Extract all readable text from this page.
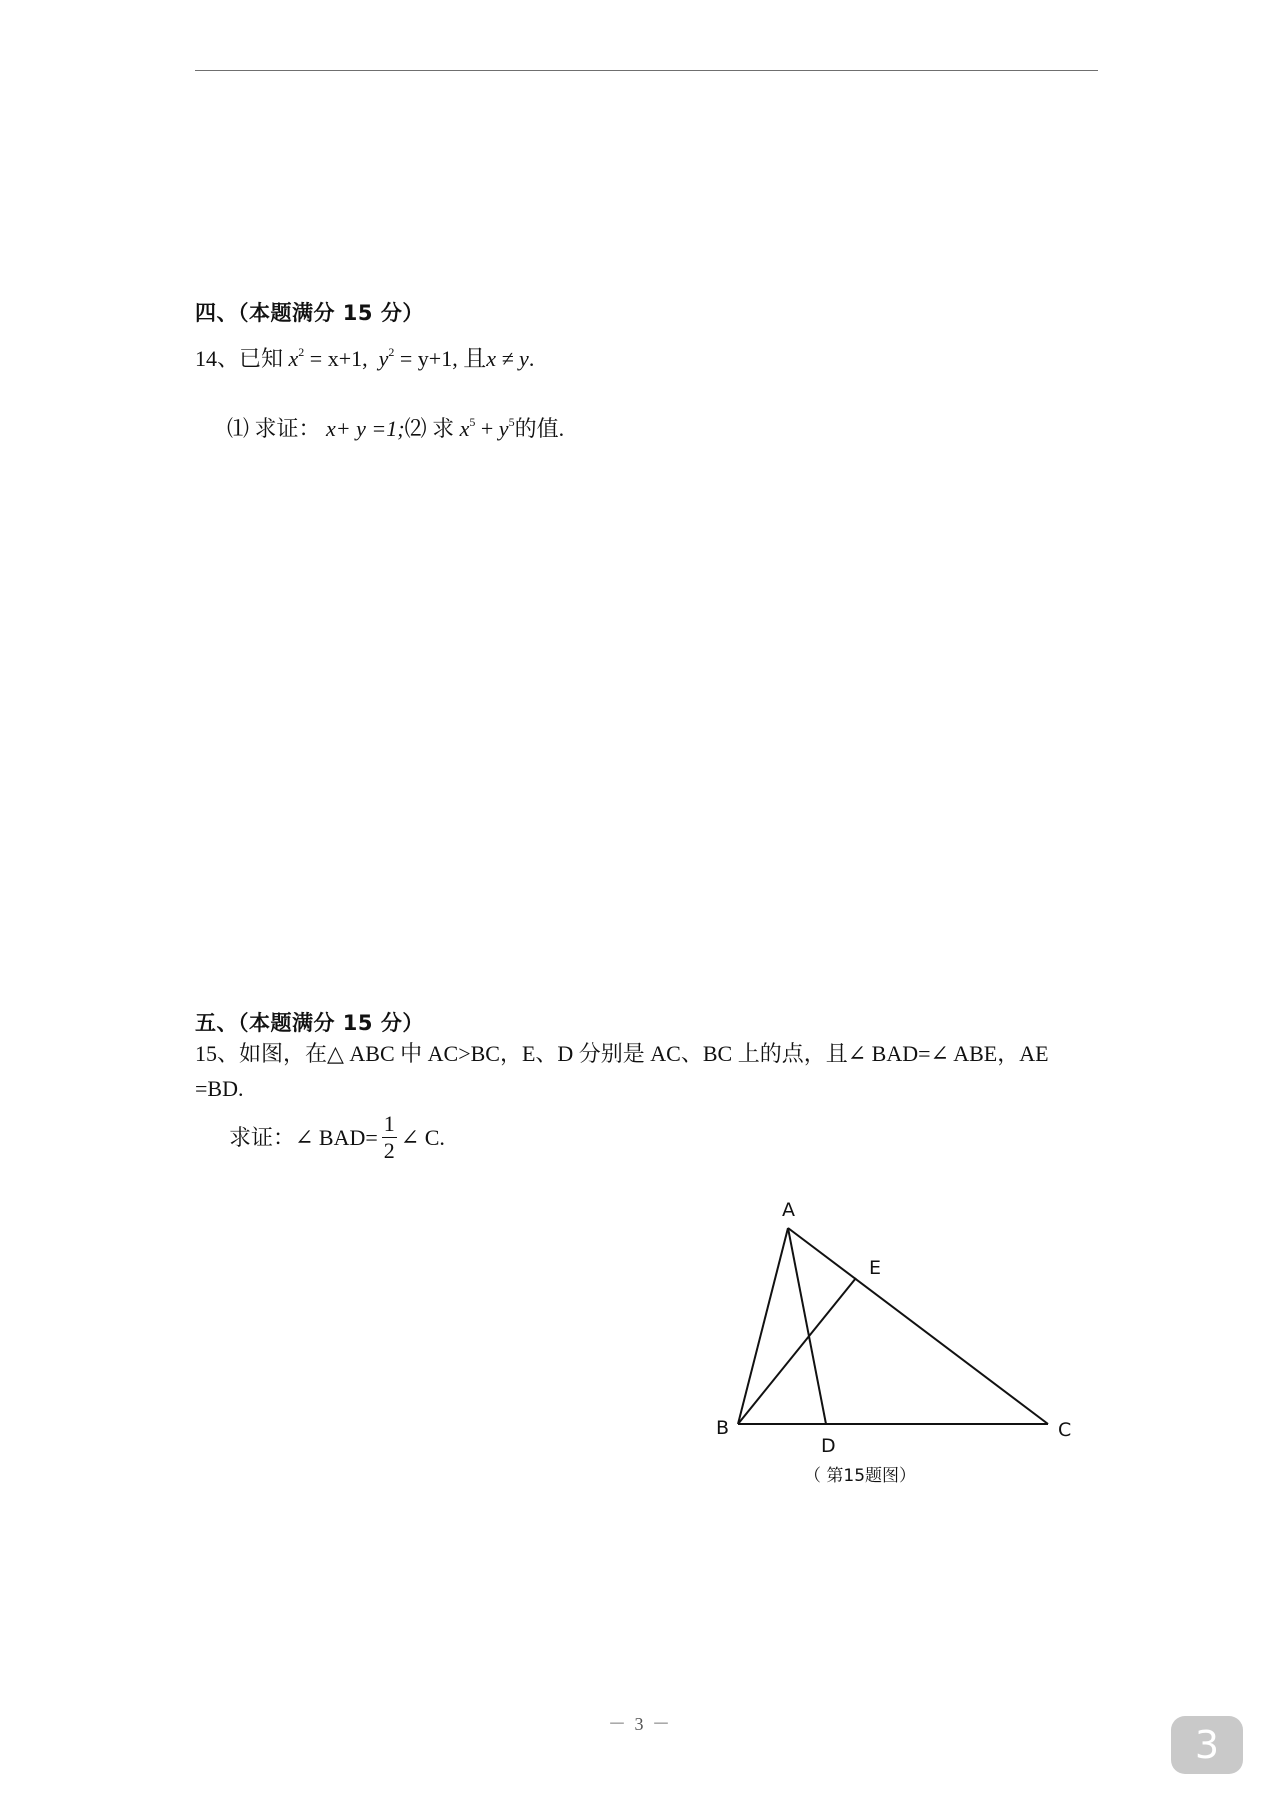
四、（本题满分 15 分）
14、已知 $x^2 = x+1$, $y^2 = y+1$, 且x ≠ y.
⑴ 求证： x+ y =1;⑵ 求 $x^5 + y^5$的值.
五、（本题满分 15 分）
15、如图，在△ ABC 中 AC>BC，E、D 分别是 AC、BC 上的点，且∠ BAD=∠ ABE，AE
=BD.
求证：∠ $BAD= \frac{1}{2}$ ∠ C.
A
E
B	C
D
（ 第15题图）
－ 3 －	3
